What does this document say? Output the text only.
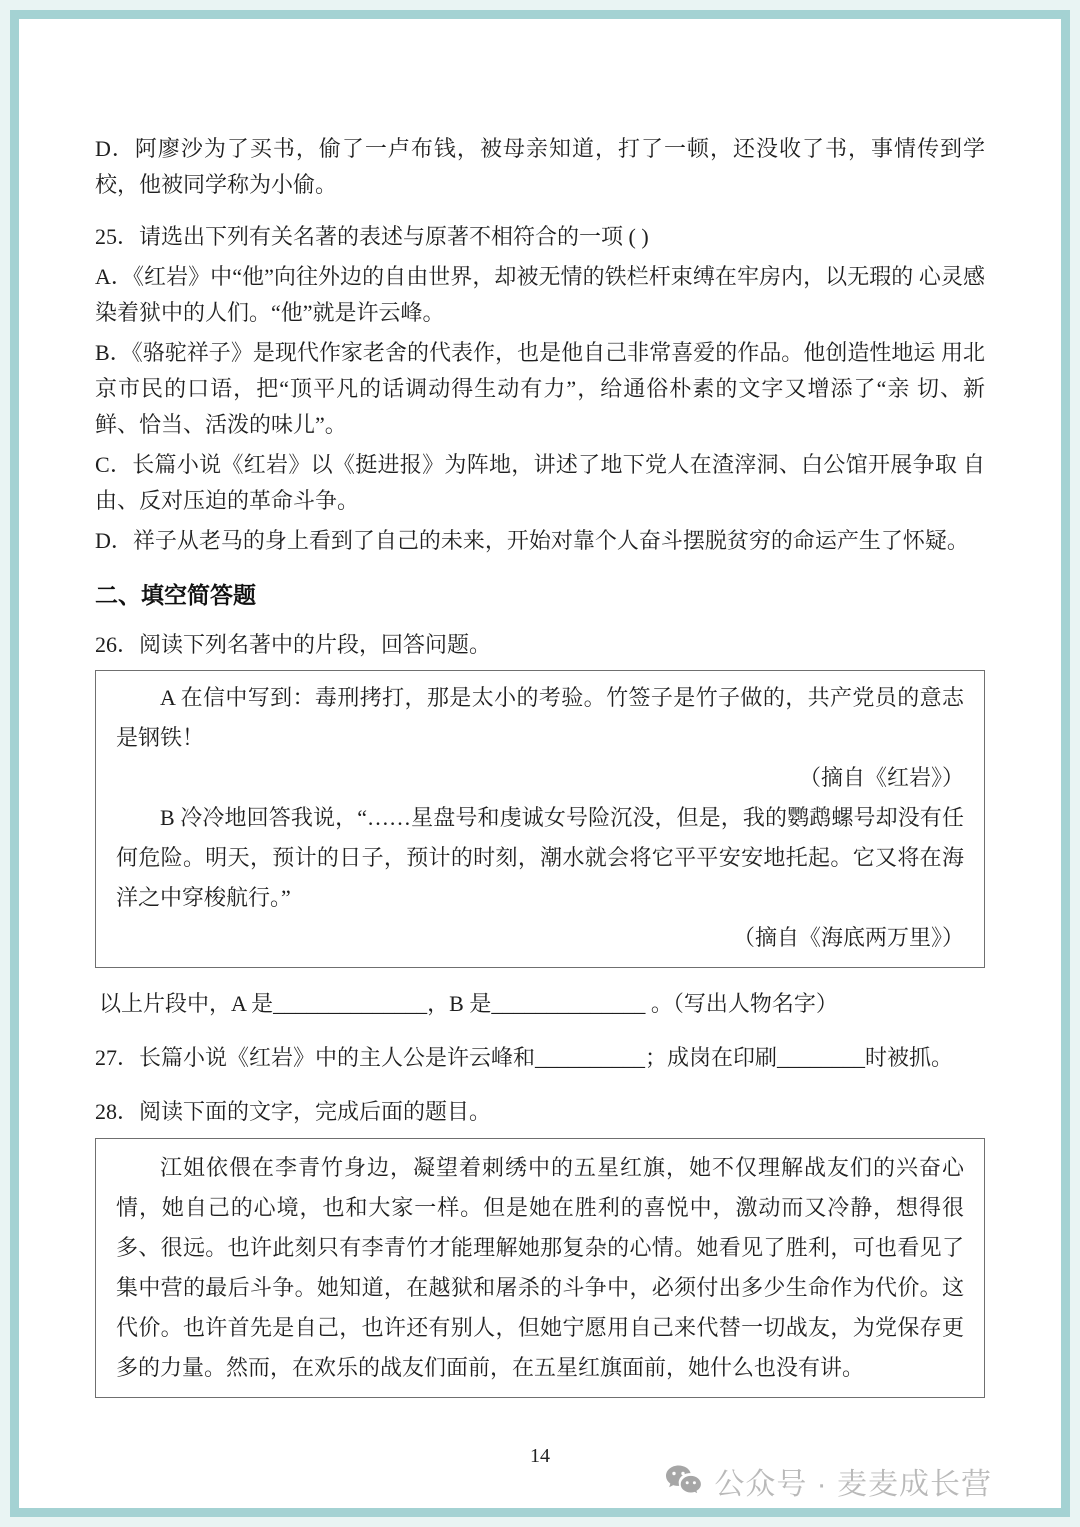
D．阿廖沙为了买书，偷了一卢布钱，被母亲知道，打了一顿，还没收了书，事情传到学校，他被同学称为小偷。

25．请选出下列有关名著的表述与原著不相符合的一项 ( )

A．《红岩》中“他”向往外边的自由世界，却被无情的铁栏杆束缚在牢房内，以无瑕的 心灵感染着狱中的人们。“他”就是许云峰。

B．《骆驼祥子》是现代作家老舍的代表作，也是他自己非常喜爱的作品。他创造性地运 用北京市民的口语，把“顶平凡的话调动得生动有力”，给通俗朴素的文字又增添了“亲 切、新鲜、恰当、活泼的味儿”。

C．长篇小说《红岩》以《挺进报》为阵地，讲述了地下党人在渣滓洞、白公馆开展争取 自由、反对压迫的革命斗争。

D．祥子从老马的身上看到了自己的未来，开始对靠个人奋斗摆脱贫穷的命运产生了怀疑。

二、填空简答题

26．阅读下列名著中的片段，回答问题。

A 在信中写到：毒刑拷打，那是太小的考验。竹签子是竹子做的，共产党员的意志是钢铁！

（摘自《红岩》）

B 冷冷地回答我说，“……星盘号和虔诚女号险沉没，但是，我的鹦鹉螺号却没有任何危险。明天，预计的日子，预计的时刻，潮水就会将它平平安安地托起。它又将在海洋之中穿梭航行。”

（摘自《海底两万里》）

以上片段中，A 是______________，B 是______________ 。（写出人物名字）

27．长篇小说《红岩》中的主人公是许云峰和__________；成岗在印刷________时被抓。

28．阅读下面的文字，完成后面的题目。

江姐依偎在李青竹身边，凝望着刺绣中的五星红旗，她不仅理解战友们的兴奋心情，她自己的心境，也和大家一样。但是她在胜利的喜悦中，激动而又冷静，想得很多、很远。也许此刻只有李青竹才能理解她那复杂的心情。她看见了胜利，可也看见了集中营的最后斗争。她知道，在越狱和屠杀的斗争中，必须付出多少生命作为代价。这代价。也许首先是自己，也许还有别人，但她宁愿用自己来代替一切战友，为党保存更多的力量。然而，在欢乐的战友们面前，在五星红旗面前，她什么也没有讲。

14
公众号 · 麦麦成长营
